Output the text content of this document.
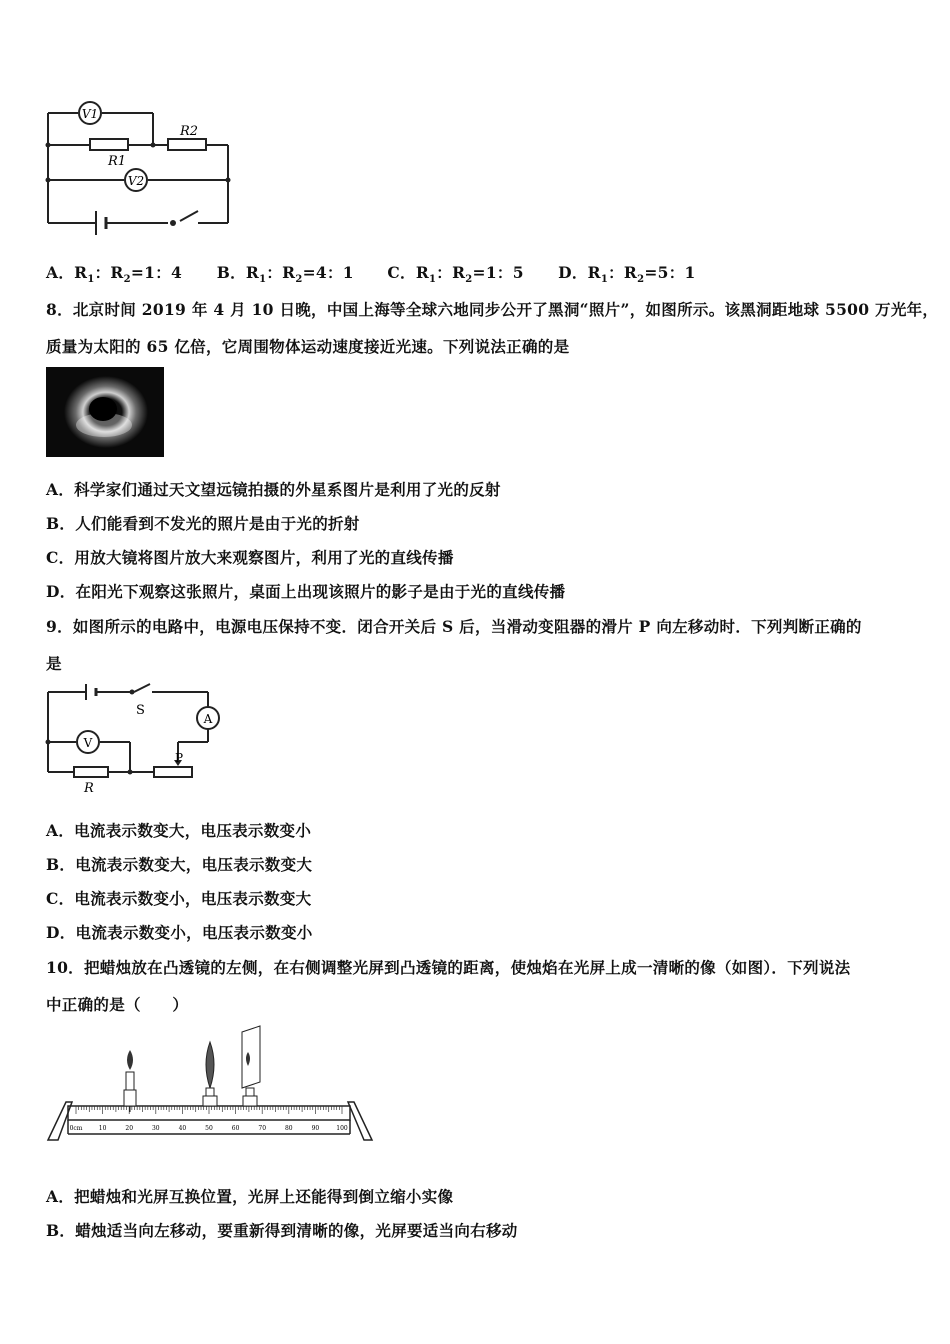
V1
V2
R1
R2
A．$R_1$：$R_2=1$：4 B．$R_1$：$R_2=4$：1 C．$R_1$：$R_2=1$：5 D．$R_1$：$R_2=5$：1
8．北京时间 2019 年 4 月 10 日晚，中国上海等全球六地同步公开了黑洞“照片”，如图所示。该黑洞距地球 5500 万光年，
质量为太阳的 65 亿倍，它周围物体运动速度接近光速。下列说法正确的是
A．科学家们通过天文望远镜拍摄的外星系图片是利用了光的反射
B．人们能看到不发光的照片是由于光的折射
C．用放大镜将图片放大来观察图片，利用了光的直线传播
D．在阳光下观察这张照片，桌面上出现该照片的影子是由于光的直线传播
9．如图所示的电路中，电源电压保持不变．闭合开关后 S 后，当滑动变阻器的滑片 P 向左移动时．下列判断正确的
是
A
V
S
P
R
A．电流表示数变大，电压表示数变小
B．电流表示数变大，电压表示数变大
C．电流表示数变小，电压表示数变大
D．电流表示数变小，电压表示数变小
10．把蜡烛放在凸透镜的左侧，在右侧调整光屏到凸透镜的距离，使烛焰在光屏上成一清晰的像（如图）．下列说法
中正确的是（　　）
0cm	10	20	30	40	50	60	70	80	90	100
A．把蜡烛和光屏互换位置，光屏上还能得到倒立缩小实像
B．蜡烛适当向左移动，要重新得到清晰的像，光屏要适当向右移动
